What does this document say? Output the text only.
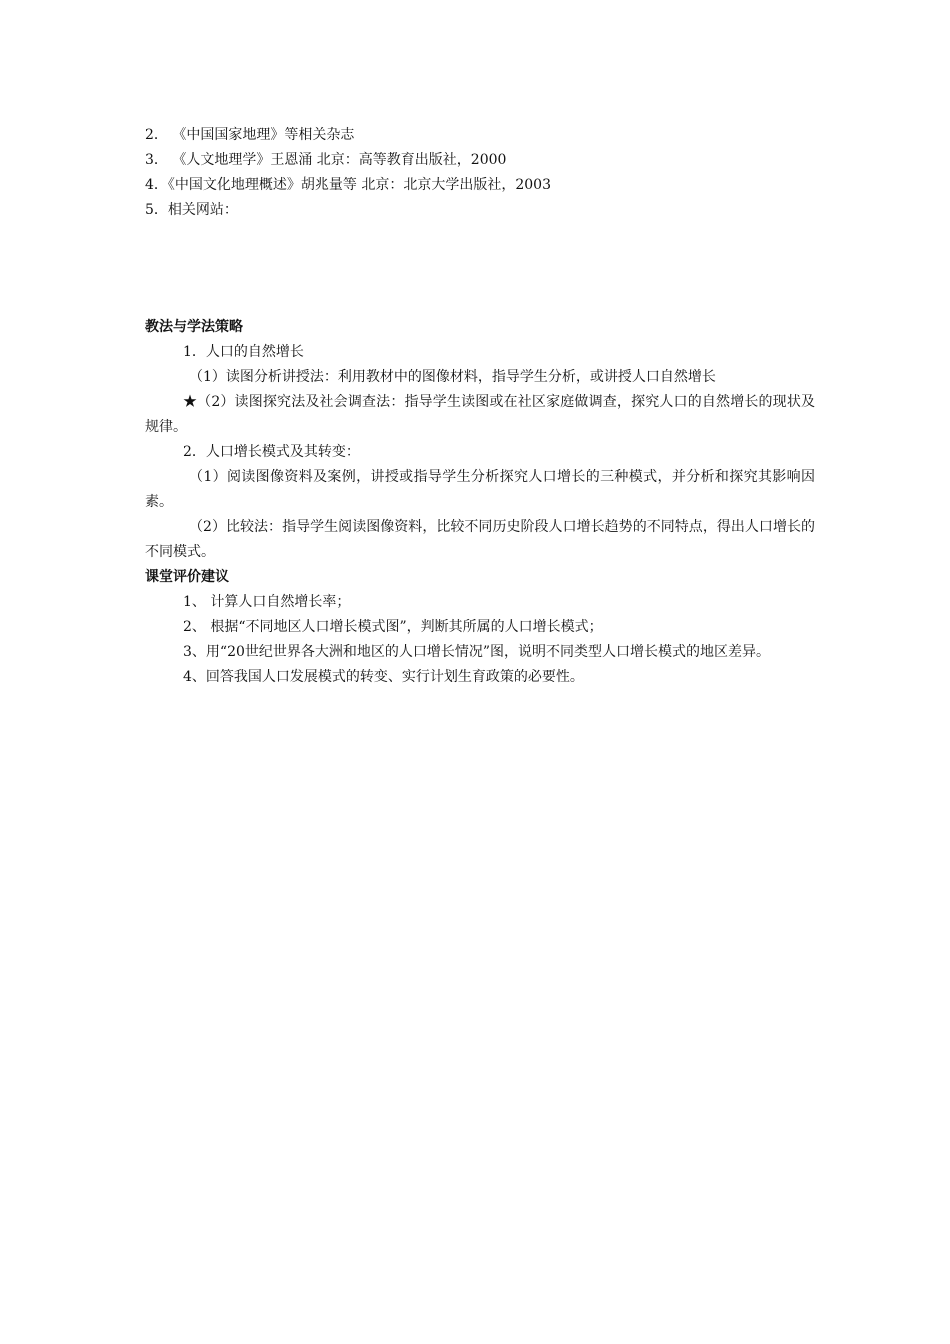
2． 《中国国家地理》等相关杂志
3． 《人文地理学》王恩涌 北京：高等教育出版社，2000
4．《中国文化地理概述》胡兆量等 北京：北京大学出版社，2003
5．相关网站：
教法与学法策略
1．人口的自然增长
（1）读图分析讲授法：利用教材中的图像材料，指导学生分析，或讲授人口自然增长
★（2）读图探究法及社会调查法：指导学生读图或在社区家庭做调查，探究人口的自然增长的现状及规律。
2．人口增长模式及其转变：
（1）阅读图像资料及案例，讲授或指导学生分析探究人口增长的三种模式，并分析和探究其影响因素。
（2）比较法：指导学生阅读图像资料，比较不同历史阶段人口增长趋势的不同特点，得出人口增长的不同模式。
课堂评价建议
1、 计算人口自然增长率；
2、 根据“不同地区人口增长模式图”，判断其所属的人口增长模式；
3、用“20世纪世界各大洲和地区的人口增长情况”图，说明不同类型人口增长模式的地区差异。
4、回答我国人口发展模式的转变、实行计划生育政策的必要性。
